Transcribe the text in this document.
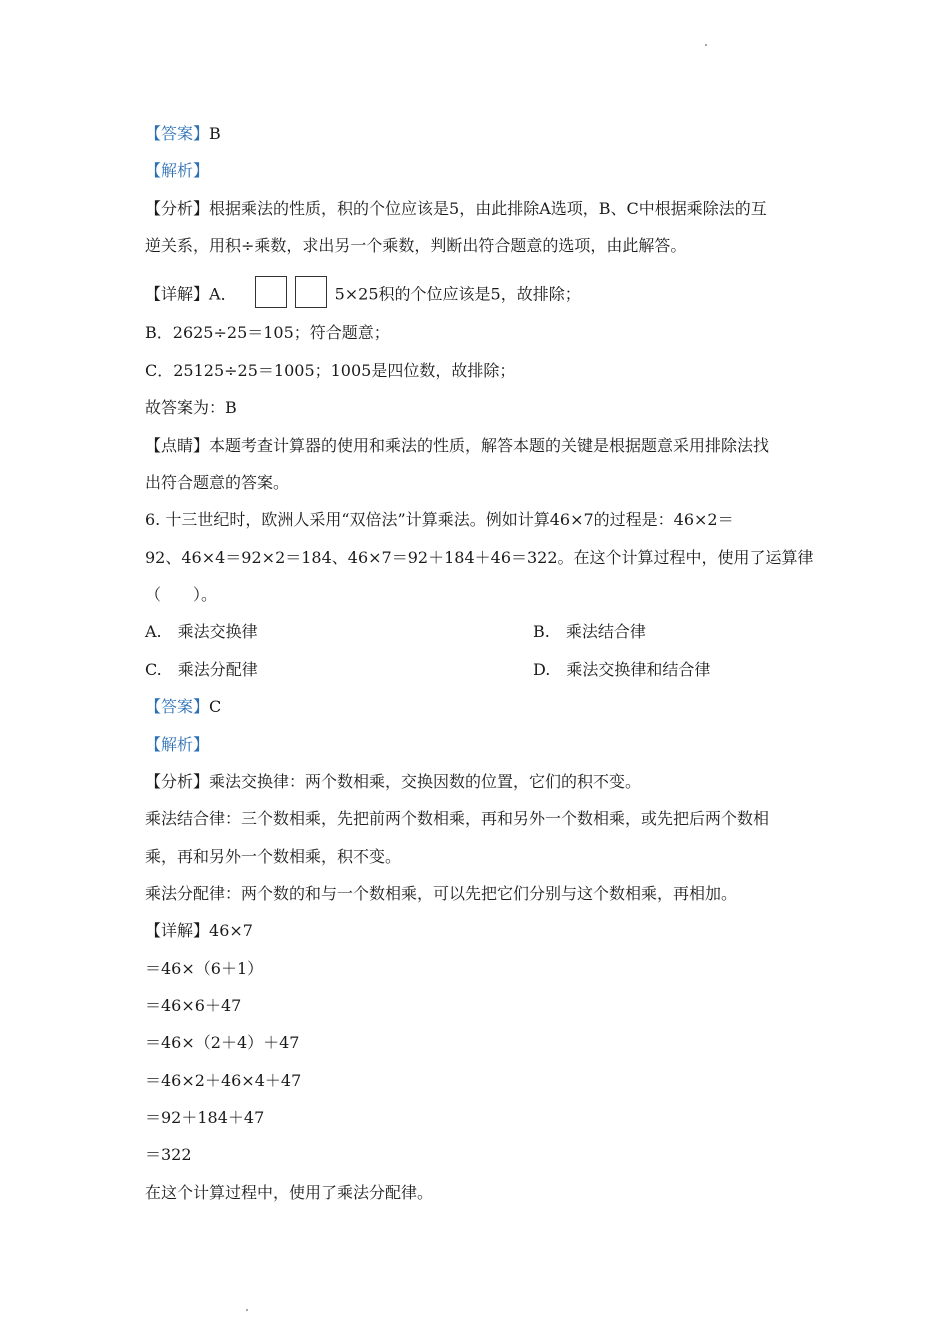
【答案】B
【解析】
【分析】根据乘法的性质，积的个位应该是5，由此排除A选项，B、C中根据乘除法的互
逆关系，用积÷乘数，求出另一个乘数，判断出符合题意的选项，由此解答。
【详解】A．	5×25积的个位应该是5，故排除；
B．2625÷25＝105；符合题意；
C．25125÷25＝1005；1005是四位数，故排除；
故答案为：B
【点睛】本题考查计算器的使用和乘法的性质，解答本题的关键是根据题意采用排除法找
出符合题意的答案。
6. 十三世纪时，欧洲人采用“双倍法”计算乘法。例如计算46×7的过程是：46×2＝
92、46×4＝92×2＝184、46×7＝92＋184＋46＝322。在这个计算过程中，使用了运算律
（　　）。
A.　乘法交换律	B.　乘法结合律
C.　乘法分配律	D.　乘法交换律和结合律
【答案】C
【解析】
【分析】乘法交换律：两个数相乘，交换因数的位置，它们的积不变。
乘法结合律：三个数相乘，先把前两个数相乘，再和另外一个数相乘，或先把后两个数相
乘，再和另外一个数相乘，积不变。
乘法分配律：两个数的和与一个数相乘，可以先把它们分别与这个数相乘，再相加。
【详解】46×7
＝46×（6＋1）
＝46×6＋47
＝46×（2＋4）＋47
＝46×2＋46×4＋47
＝92＋184＋47
＝322
在这个计算过程中，使用了乘法分配律。
